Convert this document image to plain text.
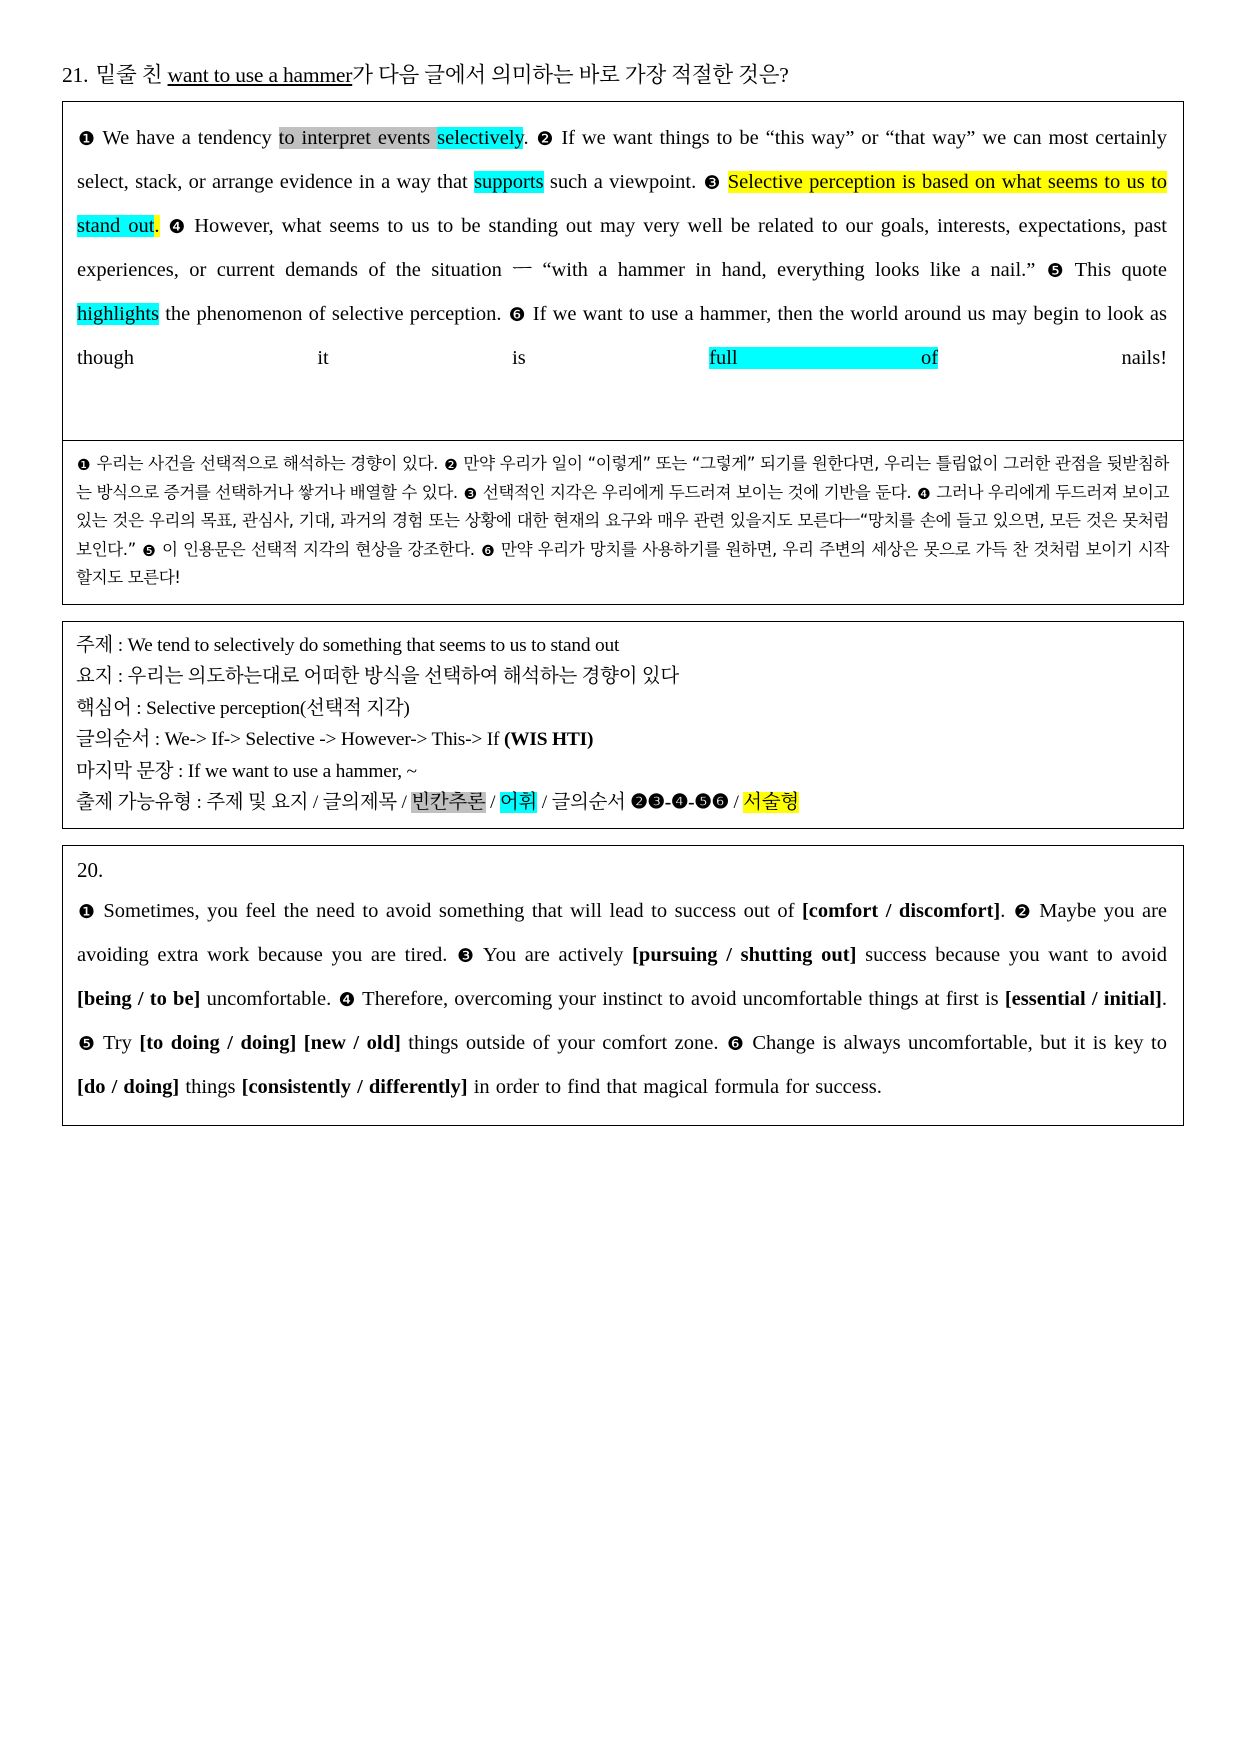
21. 밑줄 친 want to use a hammer가 다음 글에서 의미하는 바로 가장 적절한 것은?
❶ We have a tendency to interpret events selectively. ❷ If we want things to be “this way” or “that way” we can most certainly select, stack, or arrange evidence in a way that supports such a viewpoint. ❸ Selective perception is based on what seems to us to stand out. ❹ However, what seems to us to be standing out may very well be related to our goals, interests, expectations, past experiences, or current demands of the situation ㅡ “with a hammer in hand, everything looks like a nail.” ❺ This quote highlights the phenomenon of selective perception. ❻ If we want to use a hammer, then the world around us may begin to look as though it is full of nails!
❶ 우리는 사건을 선택적으로 해석하는 경향이 있다. ❷ 만약 우리가 일이 “이렇게” 또는 “그렇게” 되기를 원한다면, 우리는 틀림없이 그러한 관점을 뒷받침하는 방식으로 증거를 선택하거나 쌓거나 배열할 수 있다. ❸ 선택적인 지각은 우리에게 두드러져 보이는 것에 기반을 둔다. ❹ 그러나 우리에게 두드러져 보이고 있는 것은 우리의 목표, 관심사, 기대, 과거의 경험 또는 상황에 대한 현재의 요구와 매우 관련 있을지도 모른다ㅡ“망치를 손에 들고 있으면, 모든 것은 못처럼 보인다.” ❺ 이 인용문은 선택적 지각의 현상을 강조한다. ❻ 만약 우리가 망치를 사용하기를 원하면, 우리 주변의 세상은 못으로 가득 찬 것처럼 보이기 시작할지도 모른다!
주제 : We tend to selectively do something that seems to us to stand out
요지 : 우리는 의도하는대로 어떠한 방식을 선택하여 해석하는 경향이 있다
핵심어 : Selective perception(선택적 지각)
글의순서 : We-> If-> Selective -> However-> This-> If (WIS HTI)
마지막 문장 : If we want to use a hammer, ~
출제 가능유형 : 주제 및 요지 / 글의제목 / 빈칸추론 / 어휘 / 글의순서 ❷❸-❹-❺❻ / 서술형
20.
❶ Sometimes, you feel the need to avoid something that will lead to success out of [comfort / discomfort]. ❷ Maybe you are avoiding extra work because you are tired. ❸ You are actively [pursuing / shutting out] success because you want to avoid [being / to be] uncomfortable. ❹ Therefore, overcoming your instinct to avoid uncomfortable things at first is [essential / initial]. ❺ Try [to doing / doing] [new / old] things outside of your comfort zone. ❻ Change is always uncomfortable, but it is key to [do / doing] things [consistently / differently] in order to find that magical formula for success.
